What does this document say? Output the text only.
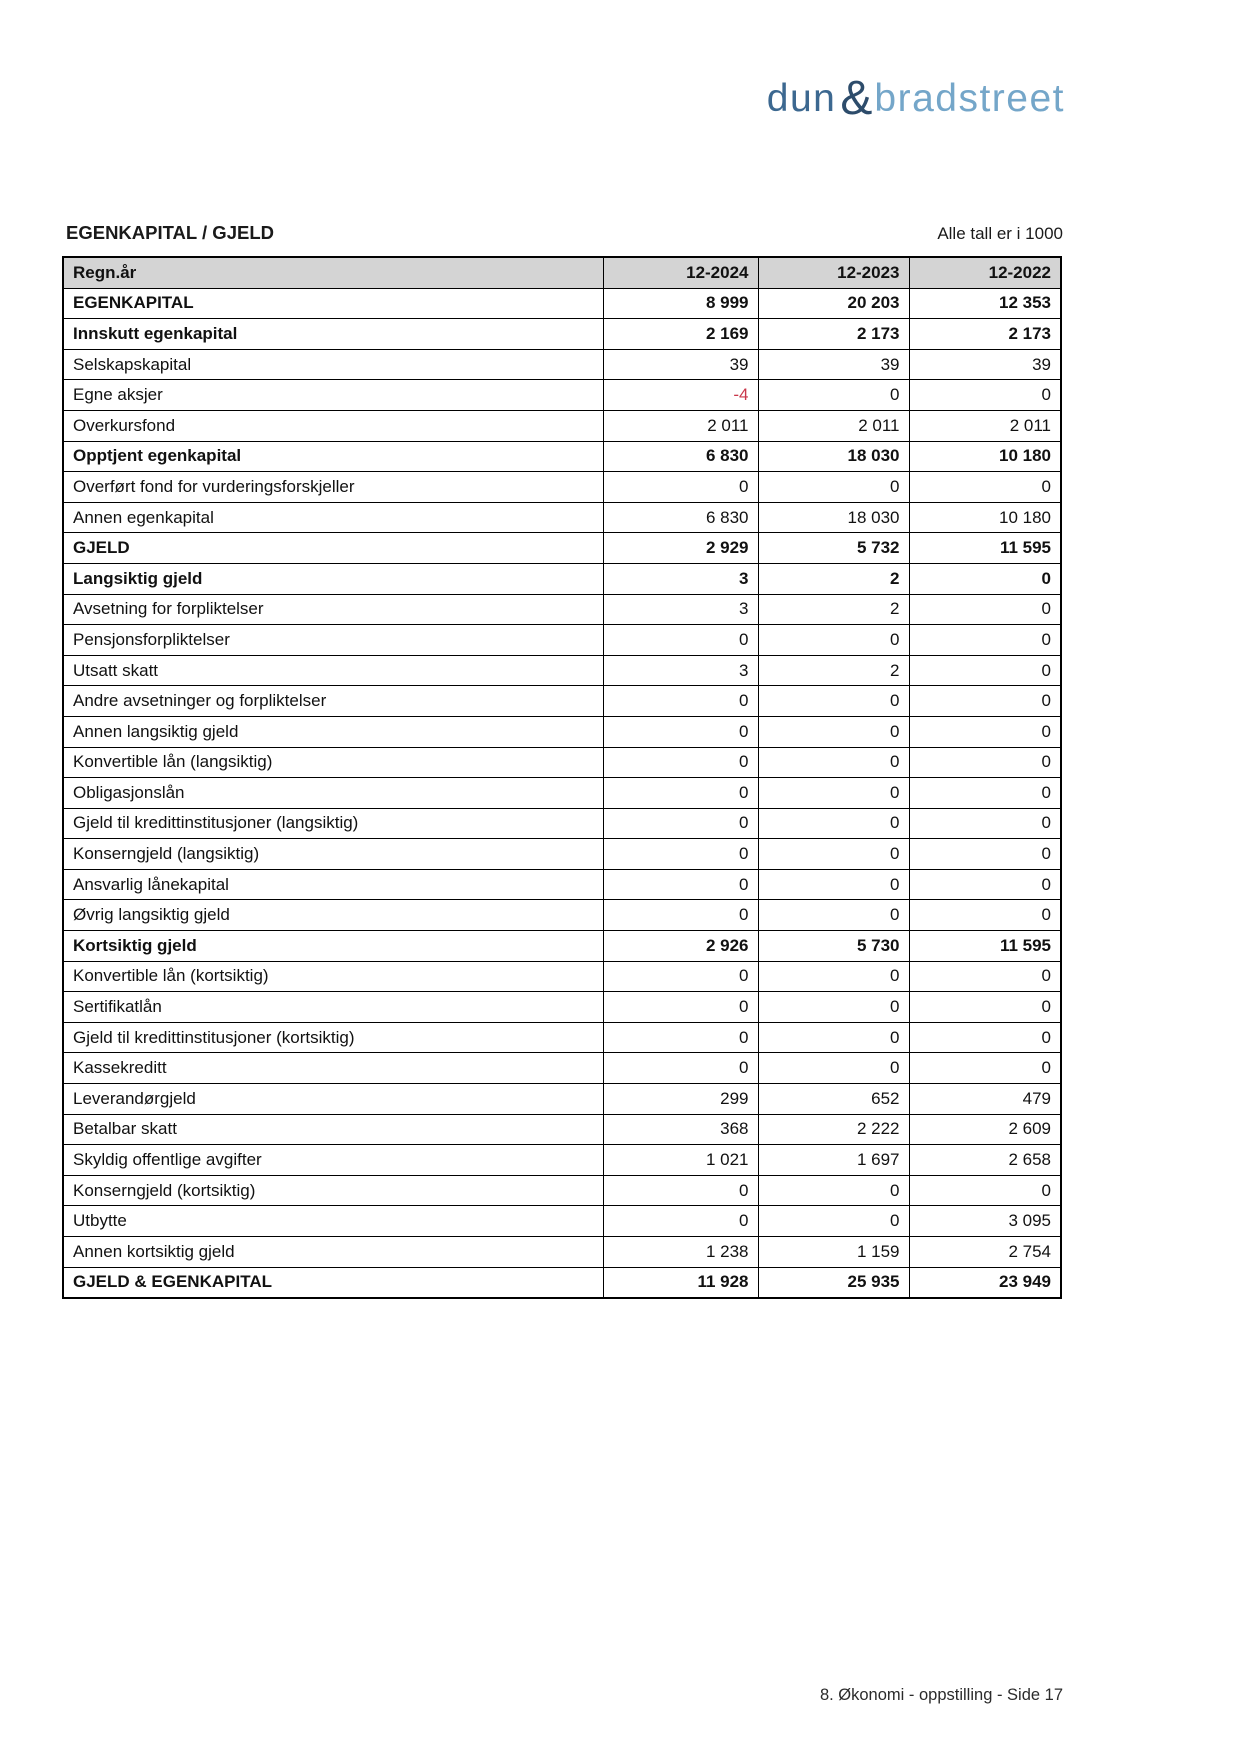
dun & bradstreet
EGENKAPITAL / GJELD	Alle tall er i 1000
Regn.år	12-2024	12-2023	12-2022
EGENKAPITAL	8 999	20 203	12 353
Innskutt egenkapital	2 169	2 173	2 173
Selskapskapital	39	39	39
Egne aksjer	-4	0	0
Overkursfond	2 011	2 011	2 011
Opptjent egenkapital	6 830	18 030	10 180
Overført fond for vurderingsforskjeller	0	0	0
Annen egenkapital	6 830	18 030	10 180
GJELD	2 929	5 732	11 595
Langsiktig gjeld	3	2	0
Avsetning for forpliktelser	3	2	0
Pensjonsforpliktelser	0	0	0
Utsatt skatt	3	2	0
Andre avsetninger og forpliktelser	0	0	0
Annen langsiktig gjeld	0	0	0
Konvertible lån (langsiktig)	0	0	0
Obligasjonslån	0	0	0
Gjeld til kredittinstitusjoner (langsiktig)	0	0	0
Konserngjeld (langsiktig)	0	0	0
Ansvarlig lånekapital	0	0	0
Øvrig langsiktig gjeld	0	0	0
Kortsiktig gjeld	2 926	5 730	11 595
Konvertible lån (kortsiktig)	0	0	0
Sertifikatlån	0	0	0
Gjeld til kredittinstitusjoner (kortsiktig)	0	0	0
Kassekreditt	0	0	0
Leverandørgjeld	299	652	479
Betalbar skatt	368	2 222	2 609
Skyldig offentlige avgifter	1 021	1 697	2 658
Konserngjeld (kortsiktig)	0	0	0
Utbytte	0	0	3 095
Annen kortsiktig gjeld	1 238	1 159	2 754
GJELD & EGENKAPITAL	11 928	25 935	23 949
8. Økonomi - oppstilling - Side 17
